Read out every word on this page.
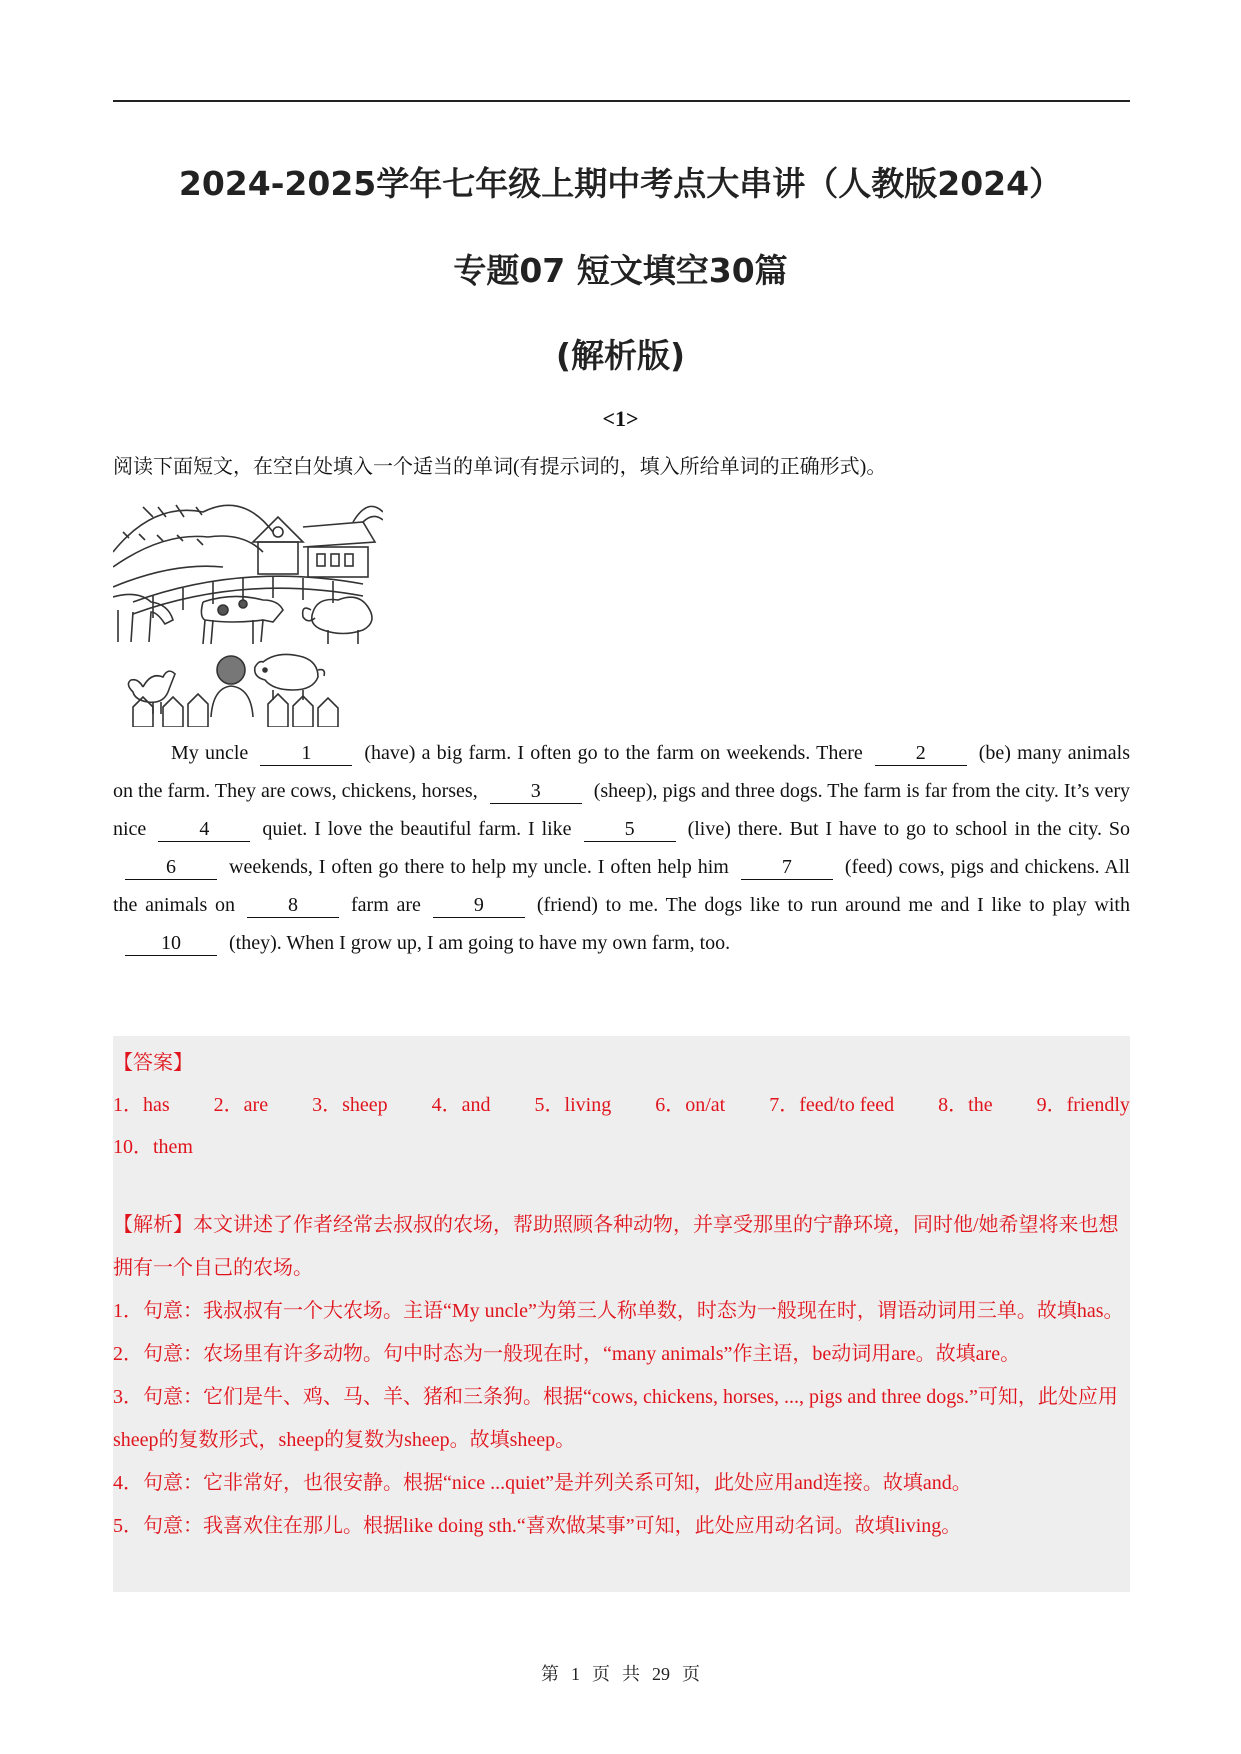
2024-2025学年七年级上期中考点大串讲（人教版2024）
专题07 短文填空30篇
(解析版)
<1>
阅读下面短文，在空白处填入一个适当的单词(有提示词的，填入所给单词的正确形式)。
My uncle	1	(have) a big farm. I often go to the farm on weekends. There	2	(be) many animals on the farm. They are cows, chickens, horses,	3	(sheep), pigs and three dogs. The farm is far from the city. It’s very nice	4	quiet. I love the beautiful farm. I like	5	(live) there. But I have to go to school in the city. So6	weekends, I often go there to help my uncle. I often help him	7	(feed) cows, pigs and chickens. All the animals on	8	farm are	9	(friend) to me. The dogs like to run around me and I like to play with10 (they). When I grow up, I am going to have my own farm, too.
【答案】
1．has 2．are 3．sheep 4．and 5．living 6．on/at 7．feed/to feed 8．the 9．friendly
10．them

【解析】本文讲述了作者经常去叔叔的农场，帮助照顾各种动物，并享受那里的宁静环境，同时他/她希望将来也想拥有一个自己的农场。

1．句意：我叔叔有一个大农场。主语“My uncle”为第三人称单数，时态为一般现在时，谓语动词用三单。故填has。

2．句意：农场里有许多动物。句中时态为一般现在时，“many animals”作主语，be动词用are。故填are。

3．句意：它们是牛、鸡、马、羊、猪和三条狗。根据“cows, chickens, horses, ..., pigs and three dogs.”可知，此处应用sheep的复数形式，sheep的复数为sheep。故填sheep。

4．句意：它非常好，也很安静。根据“nice ...quiet”是并列关系可知，此处应用and连接。故填and。

5．句意：我喜欢住在那儿。根据like doing sth.“喜欢做某事”可知，此处应用动名词。故填living。

第 1 页 共 29 页
